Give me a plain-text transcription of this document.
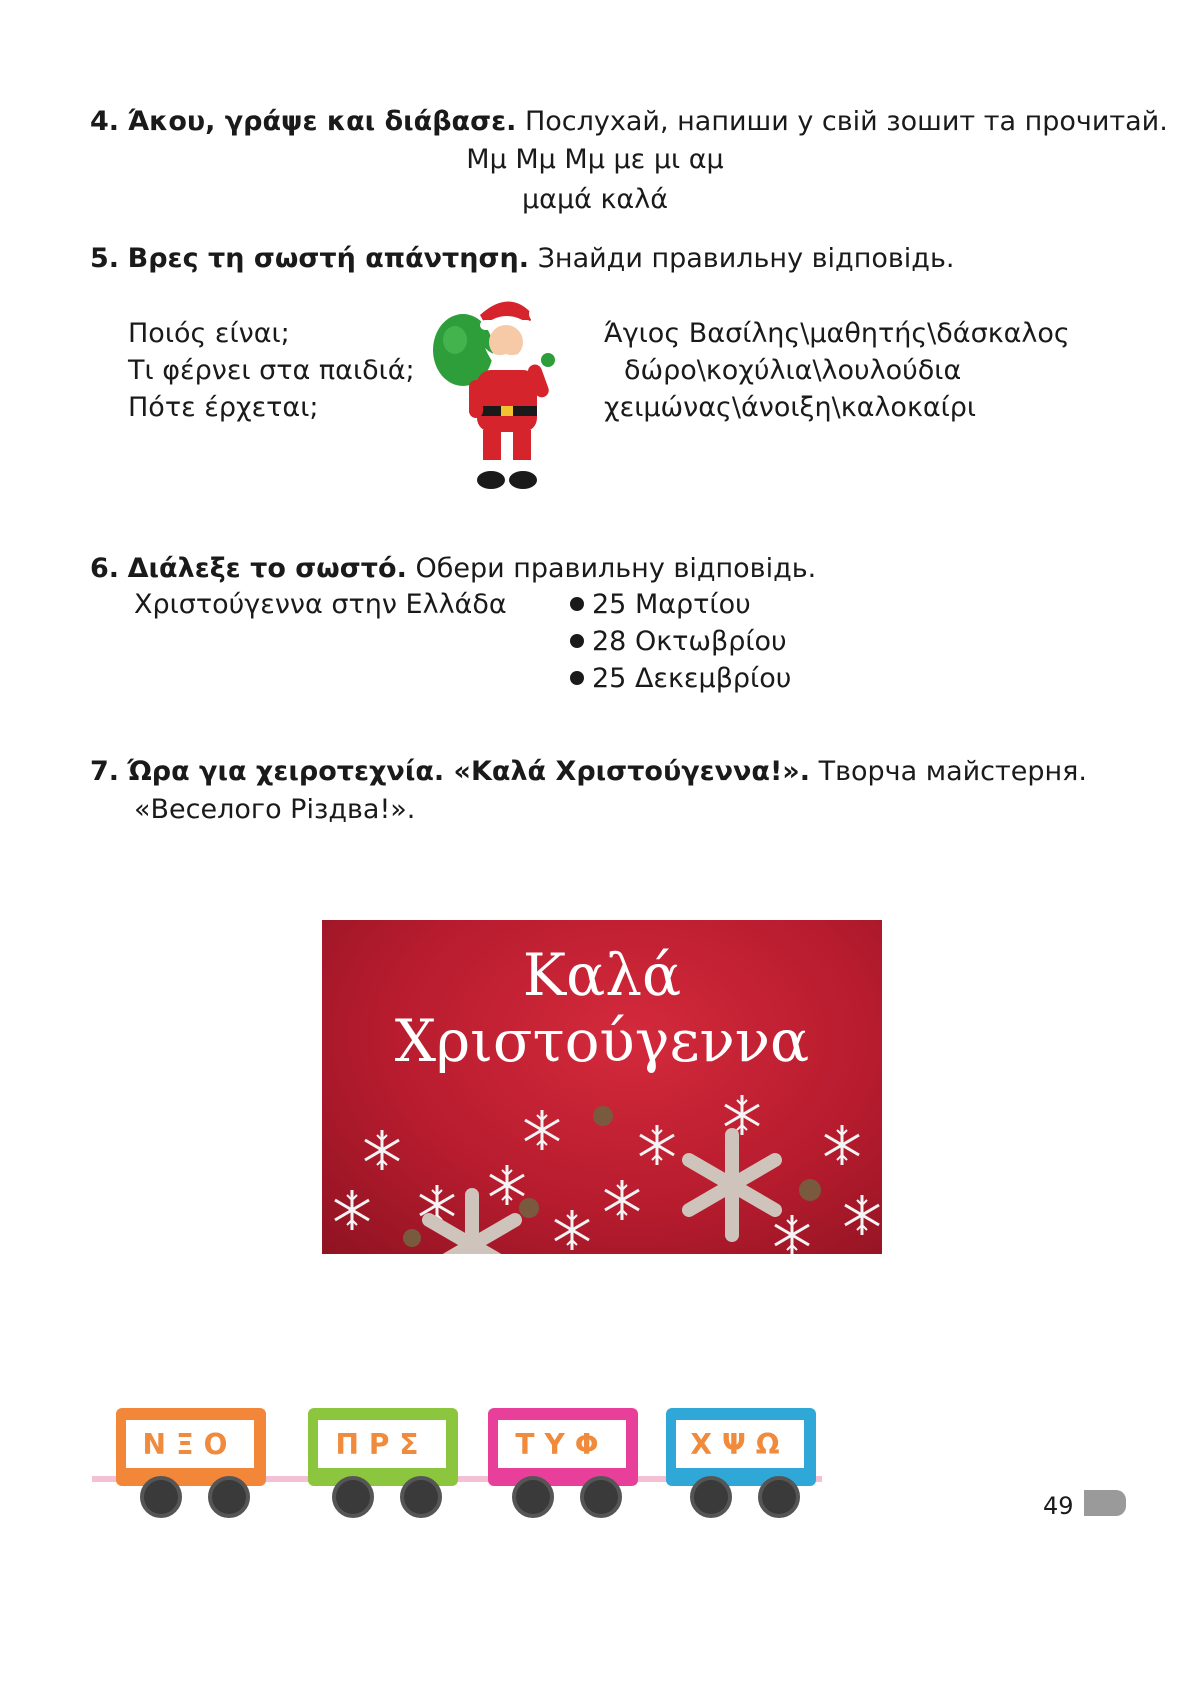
4. Άκου, γράψε και διάβασε. Послухай, напиши у свій зошит та прочитай.
Μμ Μμ Μμ με μι αμ
μαμά καλά
5. Βρες τη σωστή απάντηση. Знайди правильну відповідь.
Ποιός είναι;
Τι φέρνει στα παιδιά;
Πότε έρχεται;
Άγιος Βασίλης\μαθητής\δάσκαλος
δώρο\κοχύλια\λουλούδια
χειμώνας\άνοιξη\καλοκαίρι
6. Διάλεξε το σωστό. Обери правильну відповідь.
Χριστούγεννα στην Ελλάδα	25 Μαρτίου
28 Οκτωβρίου
25 Δεκεμβρίου
7. Ώρα για χειροτεχνία. «Καλά Χριστούγεννα!». Творча майстерня.
«Веселого Різдва!».
Καλά
Χριστούγεννα
ΝΞΟ	ΠΡΣ	ΤΥΦ	ΧΨΩ
49
